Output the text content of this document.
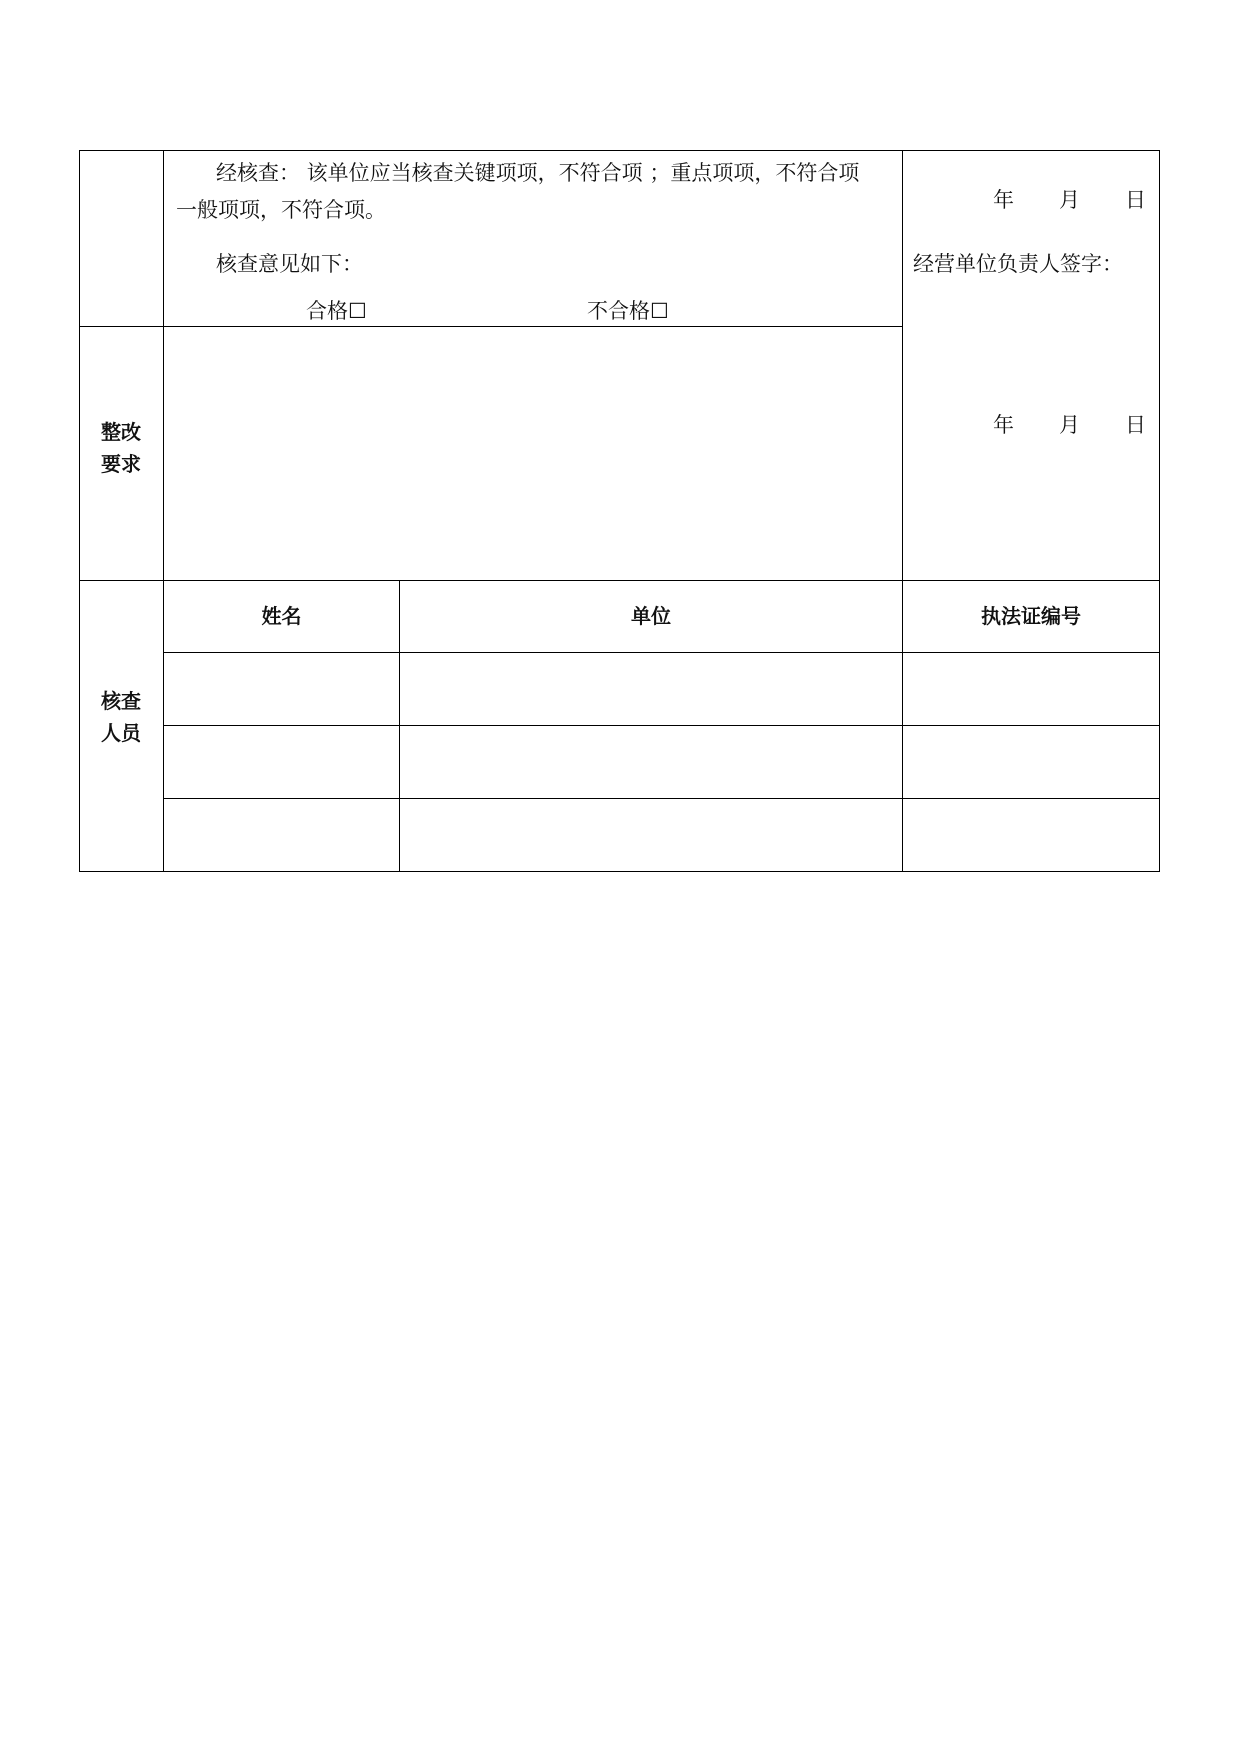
经核查： 该单位应当核查关键项项，不符合项 ；重点项项，不符合项
一般项项，不符合项。
核查意见如下：
合格☐	不合格☐
年 月 日
经营单位负责人签字：
年 月 日
整改要求
核查人员
姓名	单位	执法证编号
